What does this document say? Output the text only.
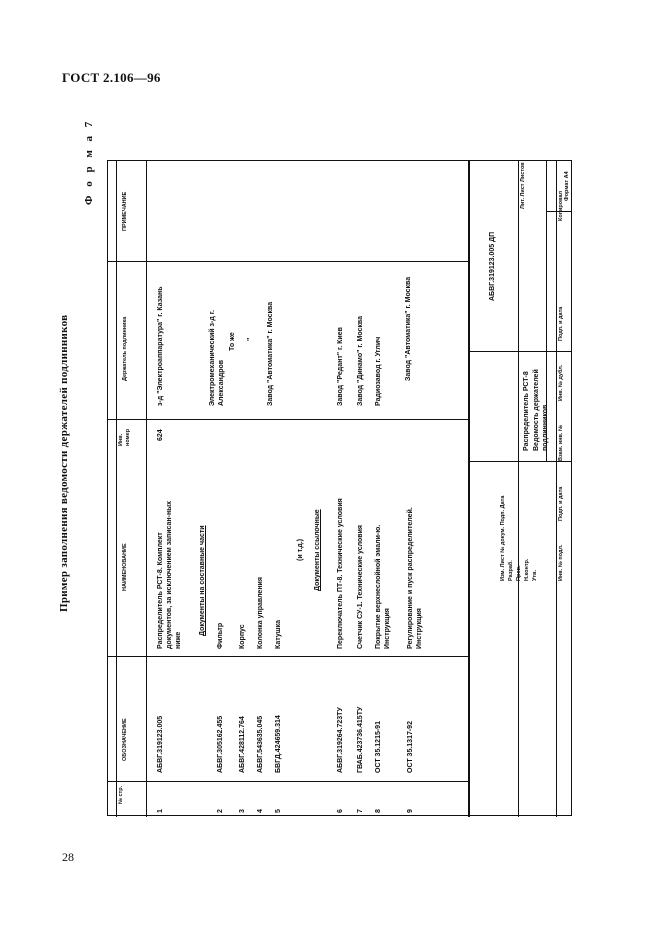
ГОСТ 2.106—96
Пример заполнения ведомости держателей подлинников
Ф о р м а 7
28
№ стр.
ОБОЗНАЧЕНИЕ
НАИМЕНОВАНИЕ
Инв. номер
Держатель подлинника
ПРИМЕЧАНИЕ
1
АБВГ.319123.005
Распределитель РСТ-8. Комплект документов, за исключением записан-ных ниже
624
з-д "Электроаппаратура" г. Казань
Документы на составные части
2
АБВГ.305162.455
Фильтр
Электромеханический з-д г. Александров
3
АБВГ.428112.764
Корпус
То же
4
АБВГ.543635.045
Колонка управления
"
5
БВГД.424659.314
Катушка
Завод "Автоматика" г. Москва
(и т.д.) Документы ссылочные
6
АБВГ.319264.723ТУ
Переключатель ПТ-8. Технические условия
Завод "Редант" г. Киев
7
ГВАБ.423736.415ТУ
Счетчик СУ-1. Технические условия
Завод "Динамо" г. Москва
8
ОСТ 35.1215-91
Покрытие верхнеслойной эмали-ю. Инструкция
Радиозавод г. Углич
9
ОСТ 35.1317-92
Регулирование и пуск распределителей. Инструкция
Завод "Автоматика" г. Москва
АБВГ.319123.005 ДП
Распределитель РСТ-8 Ведомость держателей подлинников
Лит. Лист Листов
Изм. Лист № докум. Подп. Дата Разраб. Пров. Н.контр. Утв.	Инв. № подл.
Подп. и дата
Взам. инв. №
Инв. № дубл.
Подп. и дата
Копировал
Формат А4
